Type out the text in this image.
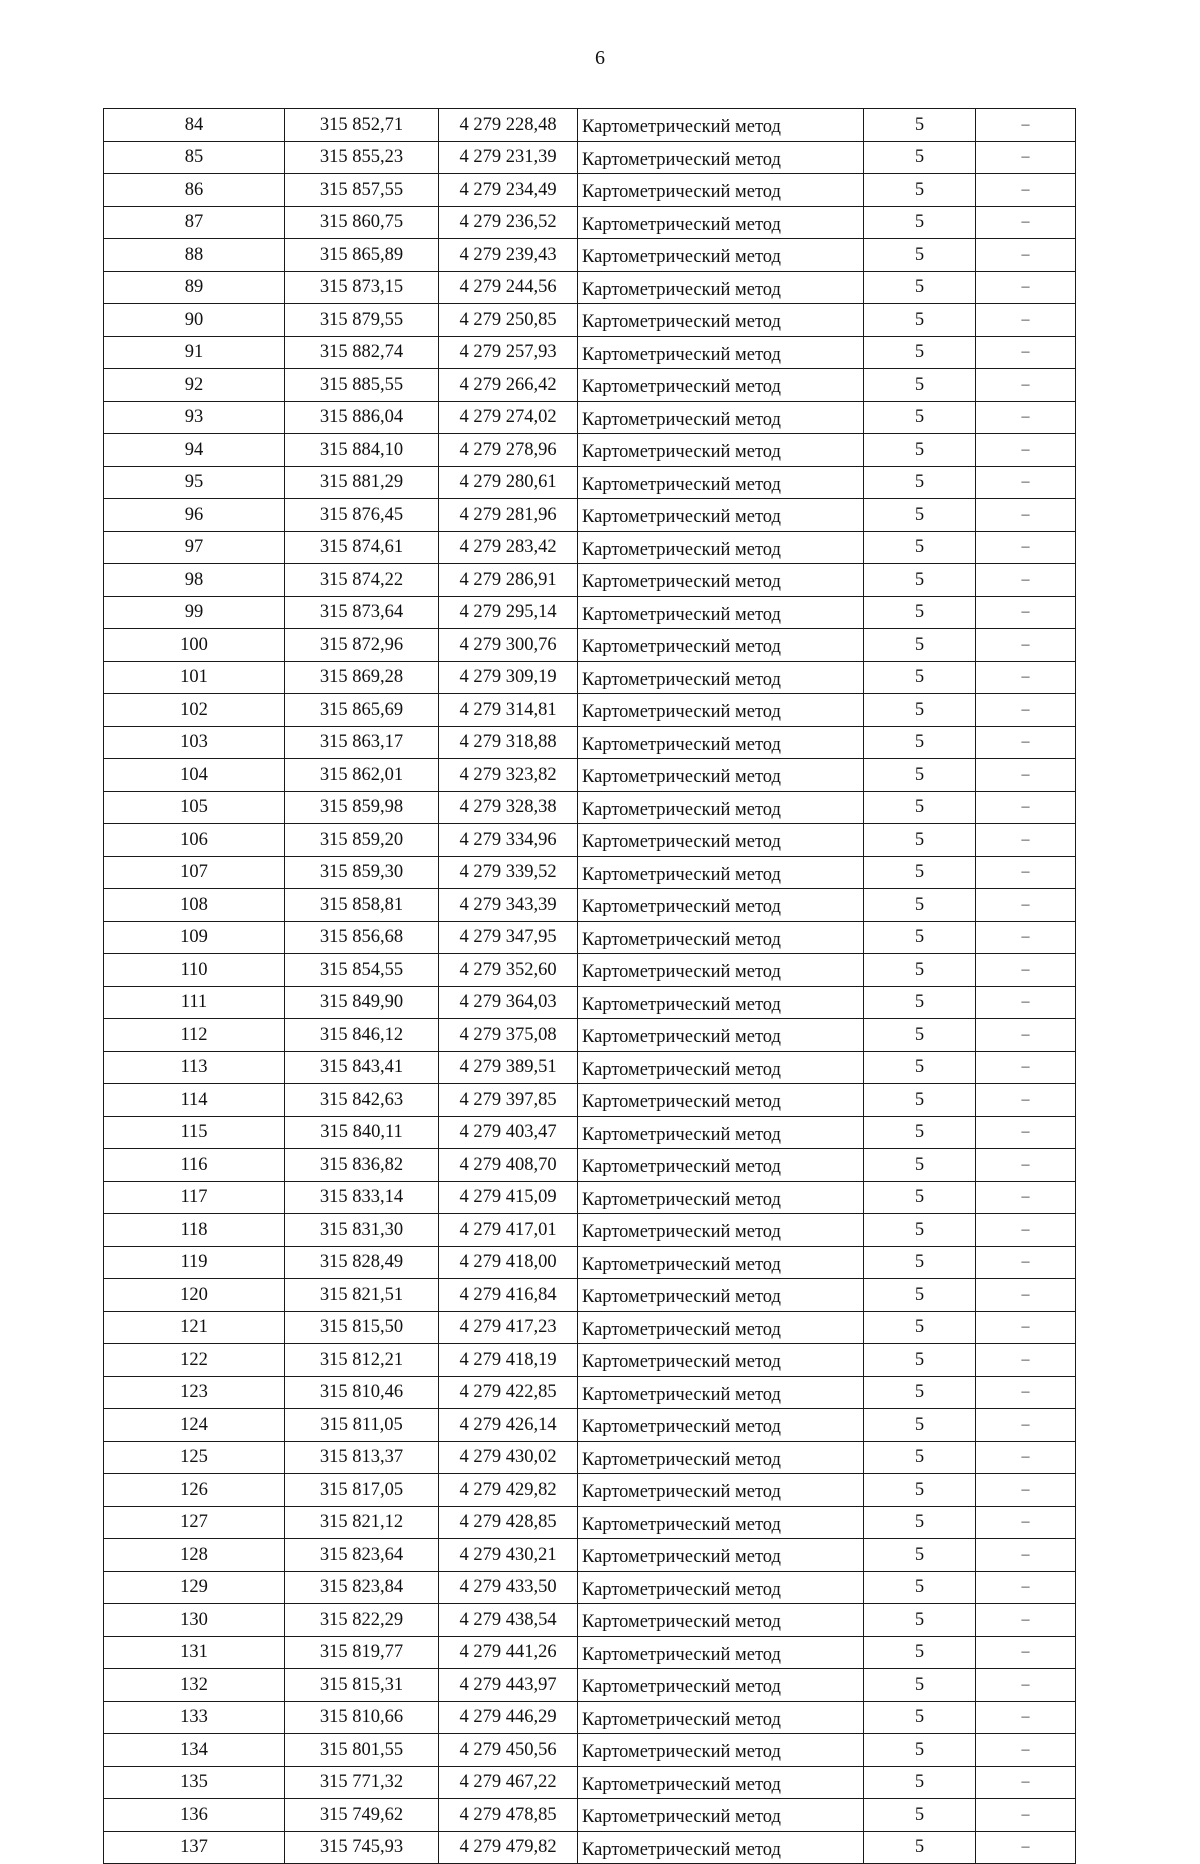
6
84	315 852,71	4 279 228,48	Картометрический метод	5	–
85	315 855,23	4 279 231,39	Картометрический метод	5	–
86	315 857,55	4 279 234,49	Картометрический метод	5	–
87	315 860,75	4 279 236,52	Картометрический метод	5	–
88	315 865,89	4 279 239,43	Картометрический метод	5	–
89	315 873,15	4 279 244,56	Картометрический метод	5	–
90	315 879,55	4 279 250,85	Картометрический метод	5	–
91	315 882,74	4 279 257,93	Картометрический метод	5	–
92	315 885,55	4 279 266,42	Картометрический метод	5	–
93	315 886,04	4 279 274,02	Картометрический метод	5	–
94	315 884,10	4 279 278,96	Картометрический метод	5	–
95	315 881,29	4 279 280,61	Картометрический метод	5	–
96	315 876,45	4 279 281,96	Картометрический метод	5	–
97	315 874,61	4 279 283,42	Картометрический метод	5	–
98	315 874,22	4 279 286,91	Картометрический метод	5	–
99	315 873,64	4 279 295,14	Картометрический метод	5	–
100	315 872,96	4 279 300,76	Картометрический метод	5	–
101	315 869,28	4 279 309,19	Картометрический метод	5	–
102	315 865,69	4 279 314,81	Картометрический метод	5	–
103	315 863,17	4 279 318,88	Картометрический метод	5	–
104	315 862,01	4 279 323,82	Картометрический метод	5	–
105	315 859,98	4 279 328,38	Картометрический метод	5	–
106	315 859,20	4 279 334,96	Картометрический метод	5	–
107	315 859,30	4 279 339,52	Картометрический метод	5	–
108	315 858,81	4 279 343,39	Картометрический метод	5	–
109	315 856,68	4 279 347,95	Картометрический метод	5	–
110	315 854,55	4 279 352,60	Картометрический метод	5	–
111	315 849,90	4 279 364,03	Картометрический метод	5	–
112	315 846,12	4 279 375,08	Картометрический метод	5	–
113	315 843,41	4 279 389,51	Картометрический метод	5	–
114	315 842,63	4 279 397,85	Картометрический метод	5	–
115	315 840,11	4 279 403,47	Картометрический метод	5	–
116	315 836,82	4 279 408,70	Картометрический метод	5	–
117	315 833,14	4 279 415,09	Картометрический метод	5	–
118	315 831,30	4 279 417,01	Картометрический метод	5	–
119	315 828,49	4 279 418,00	Картометрический метод	5	–
120	315 821,51	4 279 416,84	Картометрический метод	5	–
121	315 815,50	4 279 417,23	Картометрический метод	5	–
122	315 812,21	4 279 418,19	Картометрический метод	5	–
123	315 810,46	4 279 422,85	Картометрический метод	5	–
124	315 811,05	4 279 426,14	Картометрический метод	5	–
125	315 813,37	4 279 430,02	Картометрический метод	5	–
126	315 817,05	4 279 429,82	Картометрический метод	5	–
127	315 821,12	4 279 428,85	Картометрический метод	5	–
128	315 823,64	4 279 430,21	Картометрический метод	5	–
129	315 823,84	4 279 433,50	Картометрический метод	5	–
130	315 822,29	4 279 438,54	Картометрический метод	5	–
131	315 819,77	4 279 441,26	Картометрический метод	5	–
132	315 815,31	4 279 443,97	Картометрический метод	5	–
133	315 810,66	4 279 446,29	Картометрический метод	5	–
134	315 801,55	4 279 450,56	Картометрический метод	5	–
135	315 771,32	4 279 467,22	Картометрический метод	5	–
136	315 749,62	4 279 478,85	Картометрический метод	5	–
137	315 745,93	4 279 479,82	Картометрический метод	5	–
